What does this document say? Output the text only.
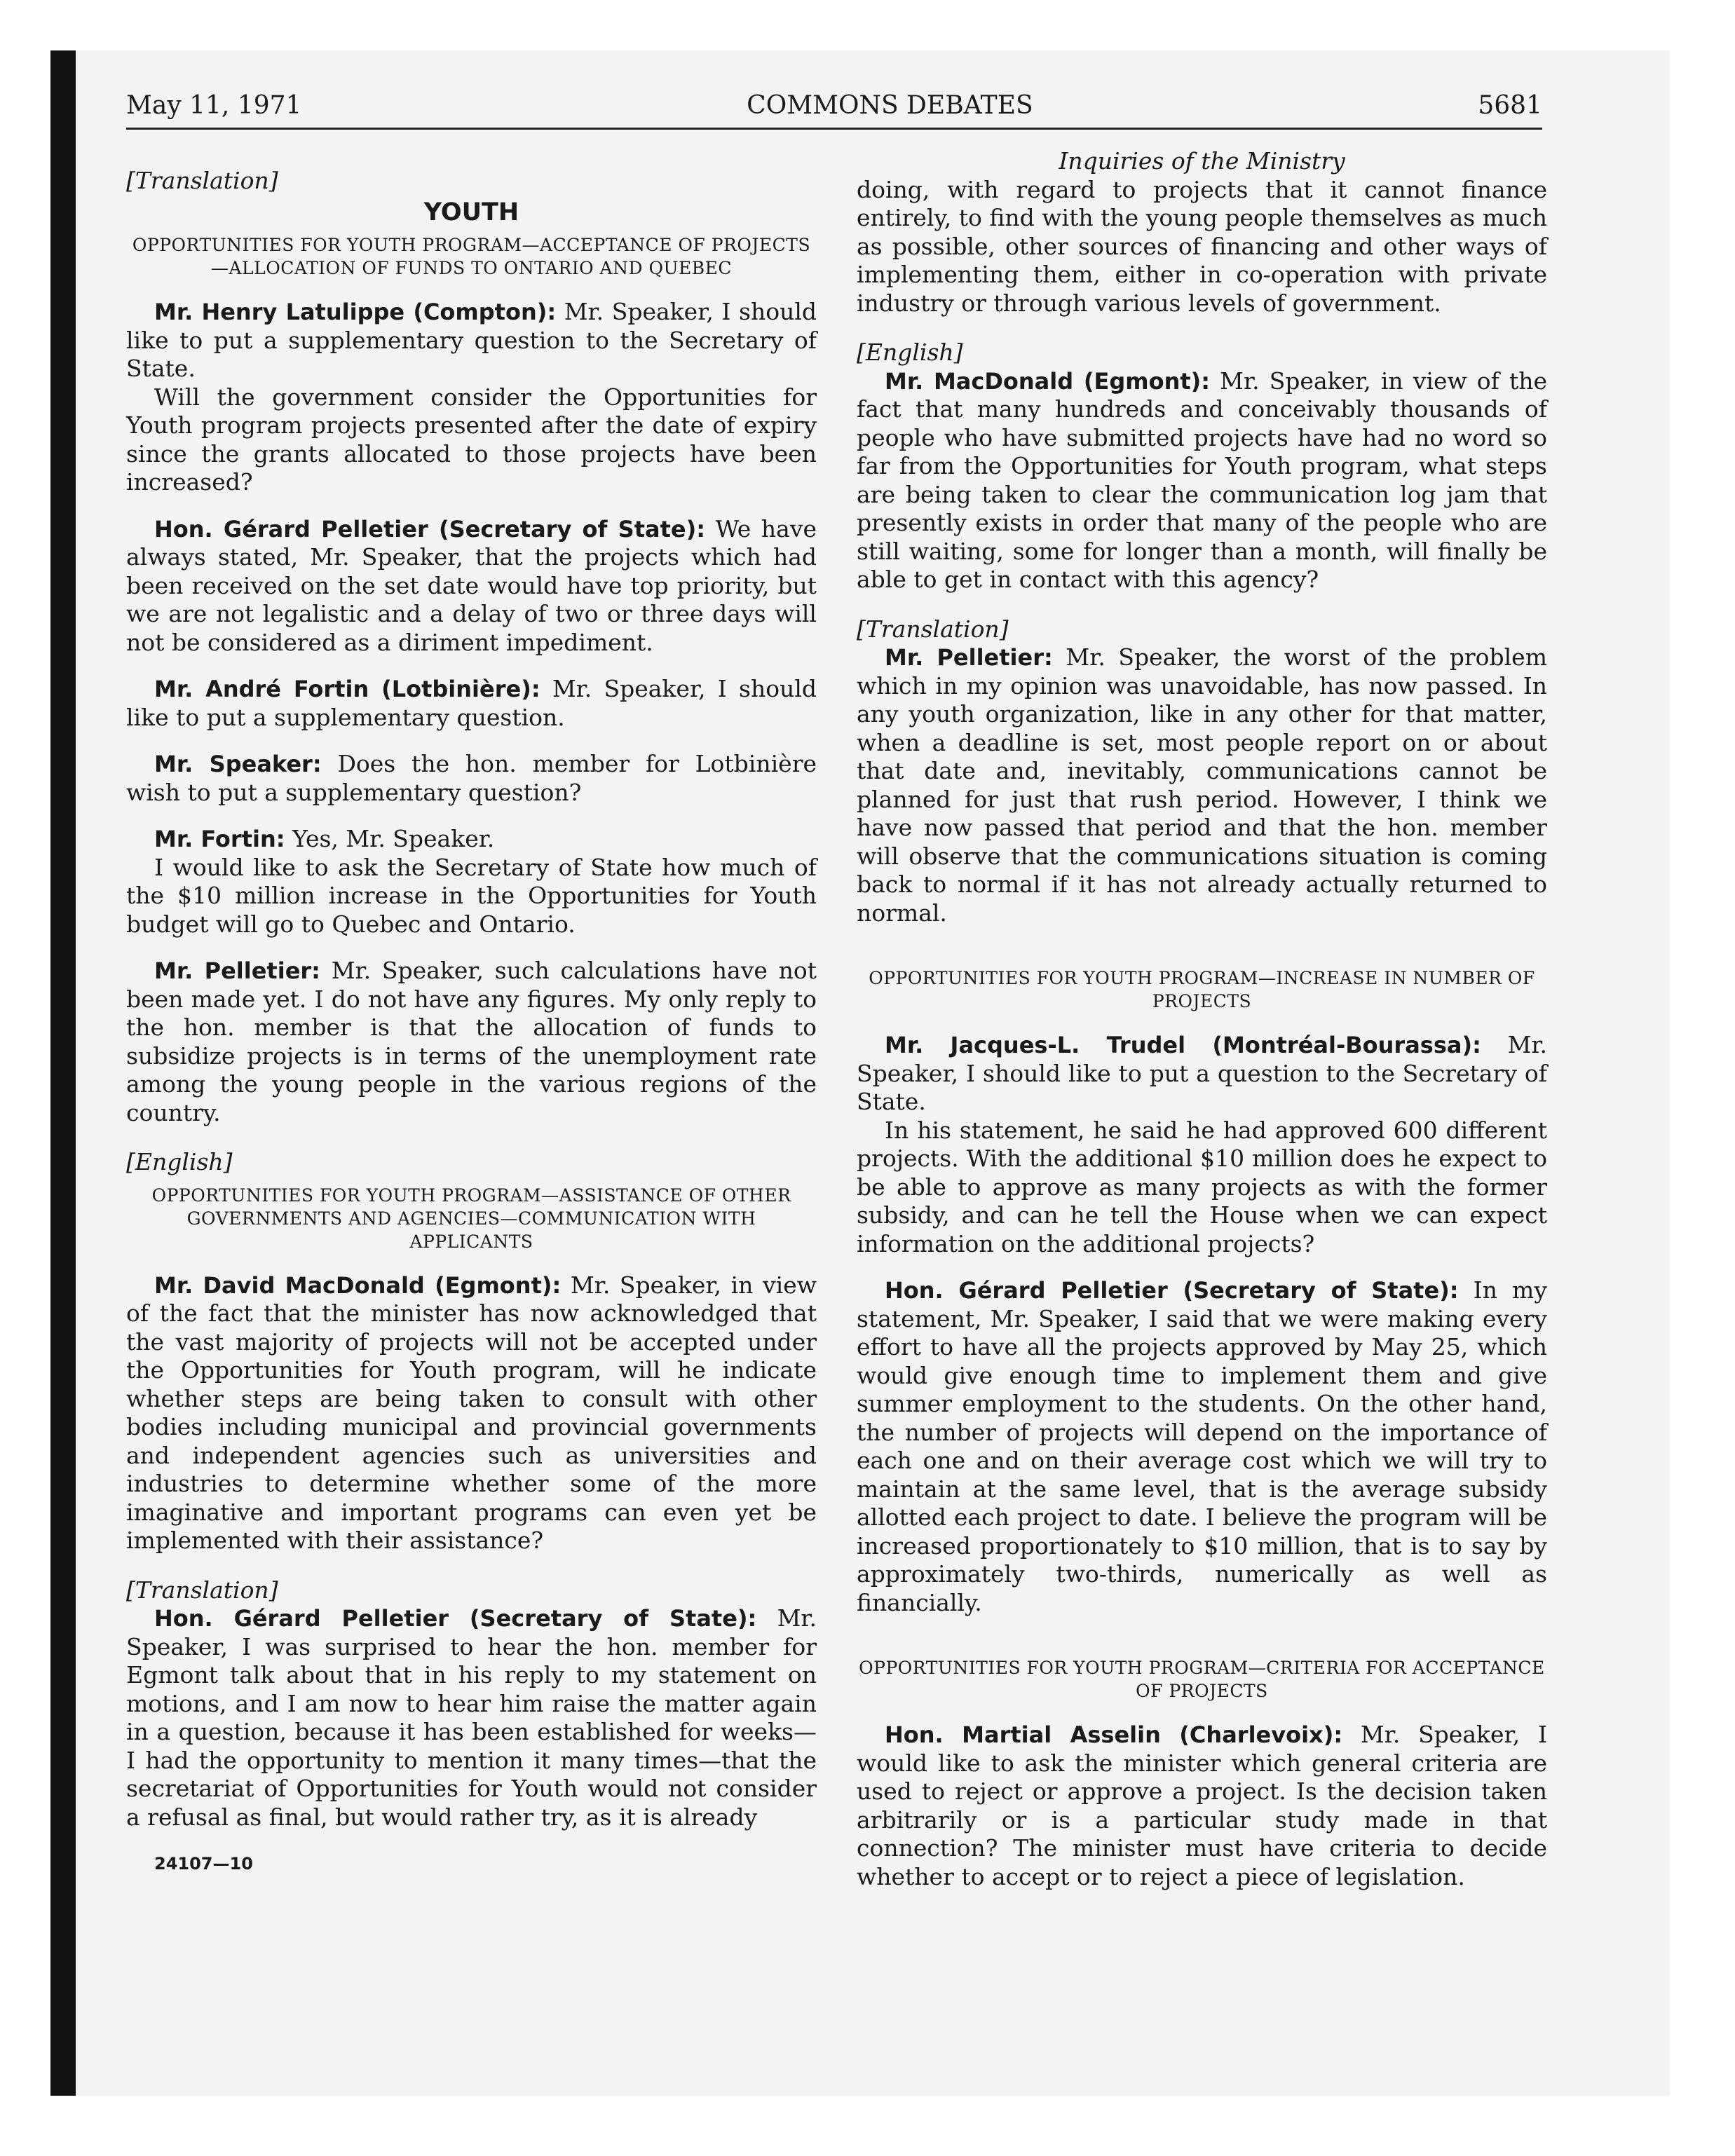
May 11, 1971	COMMONS DEBATES	5681
[Translation]
YOUTH
OPPORTUNITIES FOR YOUTH PROGRAM—ACCEPTANCE OF PROJECTS—ALLOCATION OF FUNDS TO ONTARIO AND QUEBEC

Mr. Henry Latulippe (Compton): Mr. Speaker, I should like to put a supplementary question to the Secretary of State.

Will the government consider the Opportunities for Youth program projects presented after the date of expiry since the grants allocated to those projects have been increased?

Hon. Gérard Pelletier (Secretary of State): We have always stated, Mr. Speaker, that the projects which had been received on the set date would have top priority, but we are not legalistic and a delay of two or three days will not be considered as a diriment impediment.

Mr. André Fortin (Lotbinière): Mr. Speaker, I should like to put a supplementary question.

Mr. Speaker: Does the hon. member for Lotbinière wish to put a supplementary question?

Mr. Fortin: Yes, Mr. Speaker.

I would like to ask the Secretary of State how much of the $10 million increase in the Opportunities for Youth budget will go to Quebec and Ontario.

Mr. Pelletier: Mr. Speaker, such calculations have not been made yet. I do not have any figures. My only reply to the hon. member is that the allocation of funds to subsidize projects is in terms of the unemployment rate among the young people in the various regions of the country.

[English]
OPPORTUNITIES FOR YOUTH PROGRAM—ASSISTANCE OF OTHER GOVERNMENTS AND AGENCIES—COMMUNICATION WITH APPLICANTS

Mr. David MacDonald (Egmont): Mr. Speaker, in view of the fact that the minister has now acknowledged that the vast majority of projects will not be accepted under the Opportunities for Youth program, will he indicate whether steps are being taken to consult with other bodies including municipal and provincial governments and independent agencies such as universities and industries to determine whether some of the more imaginative and important programs can even yet be implemented with their assistance?

[Translation]

Hon. Gérard Pelletier (Secretary of State): Mr. Speaker, I was surprised to hear the hon. member for Egmont talk about that in his reply to my statement on motions, and I am now to hear him raise the matter again in a question, because it has been established for weeks—I had the opportunity to mention it many times—that the secretariat of Opportunities for Youth would not consider a refusal as final, but would rather try, as it is already

24107—10
Inquiries of the Ministry

doing, with regard to projects that it cannot finance entirely, to find with the young people themselves as much as possible, other sources of financing and other ways of implementing them, either in co-operation with private industry or through various levels of government.

[English]

Mr. MacDonald (Egmont): Mr. Speaker, in view of the fact that many hundreds and conceivably thousands of people who have submitted projects have had no word so far from the Opportunities for Youth program, what steps are being taken to clear the communication log jam that presently exists in order that many of the people who are still waiting, some for longer than a month, will finally be able to get in contact with this agency?

[Translation]

Mr. Pelletier: Mr. Speaker, the worst of the problem which in my opinion was unavoidable, has now passed. In any youth organization, like in any other for that matter, when a deadline is set, most people report on or about that date and, inevitably, communications cannot be planned for just that rush period. However, I think we have now passed that period and that the hon. member will observe that the communications situation is coming back to normal if it has not already actually returned to normal.

OPPORTUNITIES FOR YOUTH PROGRAM—INCREASE IN NUMBER OF PROJECTS

Mr. Jacques-L. Trudel (Montréal-Bourassa): Mr. Speaker, I should like to put a question to the Secretary of State.

In his statement, he said he had approved 600 different projects. With the additional $10 million does he expect to be able to approve as many projects as with the former subsidy, and can he tell the House when we can expect information on the additional projects?

Hon. Gérard Pelletier (Secretary of State): In my statement, Mr. Speaker, I said that we were making every effort to have all the projects approved by May 25, which would give enough time to implement them and give summer employment to the students. On the other hand, the number of projects will depend on the importance of each one and on their average cost which we will try to maintain at the same level, that is the average subsidy allotted each project to date. I believe the program will be increased proportionately to $10 million, that is to say by approximately two-thirds, numerically as well as financially.

OPPORTUNITIES FOR YOUTH PROGRAM—CRITERIA FOR ACCEPTANCE OF PROJECTS

Hon. Martial Asselin (Charlevoix): Mr. Speaker, I would like to ask the minister which general criteria are used to reject or approve a project. Is the decision taken arbitrarily or is a particular study made in that connection? The minister must have criteria to decide whether to accept or to reject a piece of legislation.
